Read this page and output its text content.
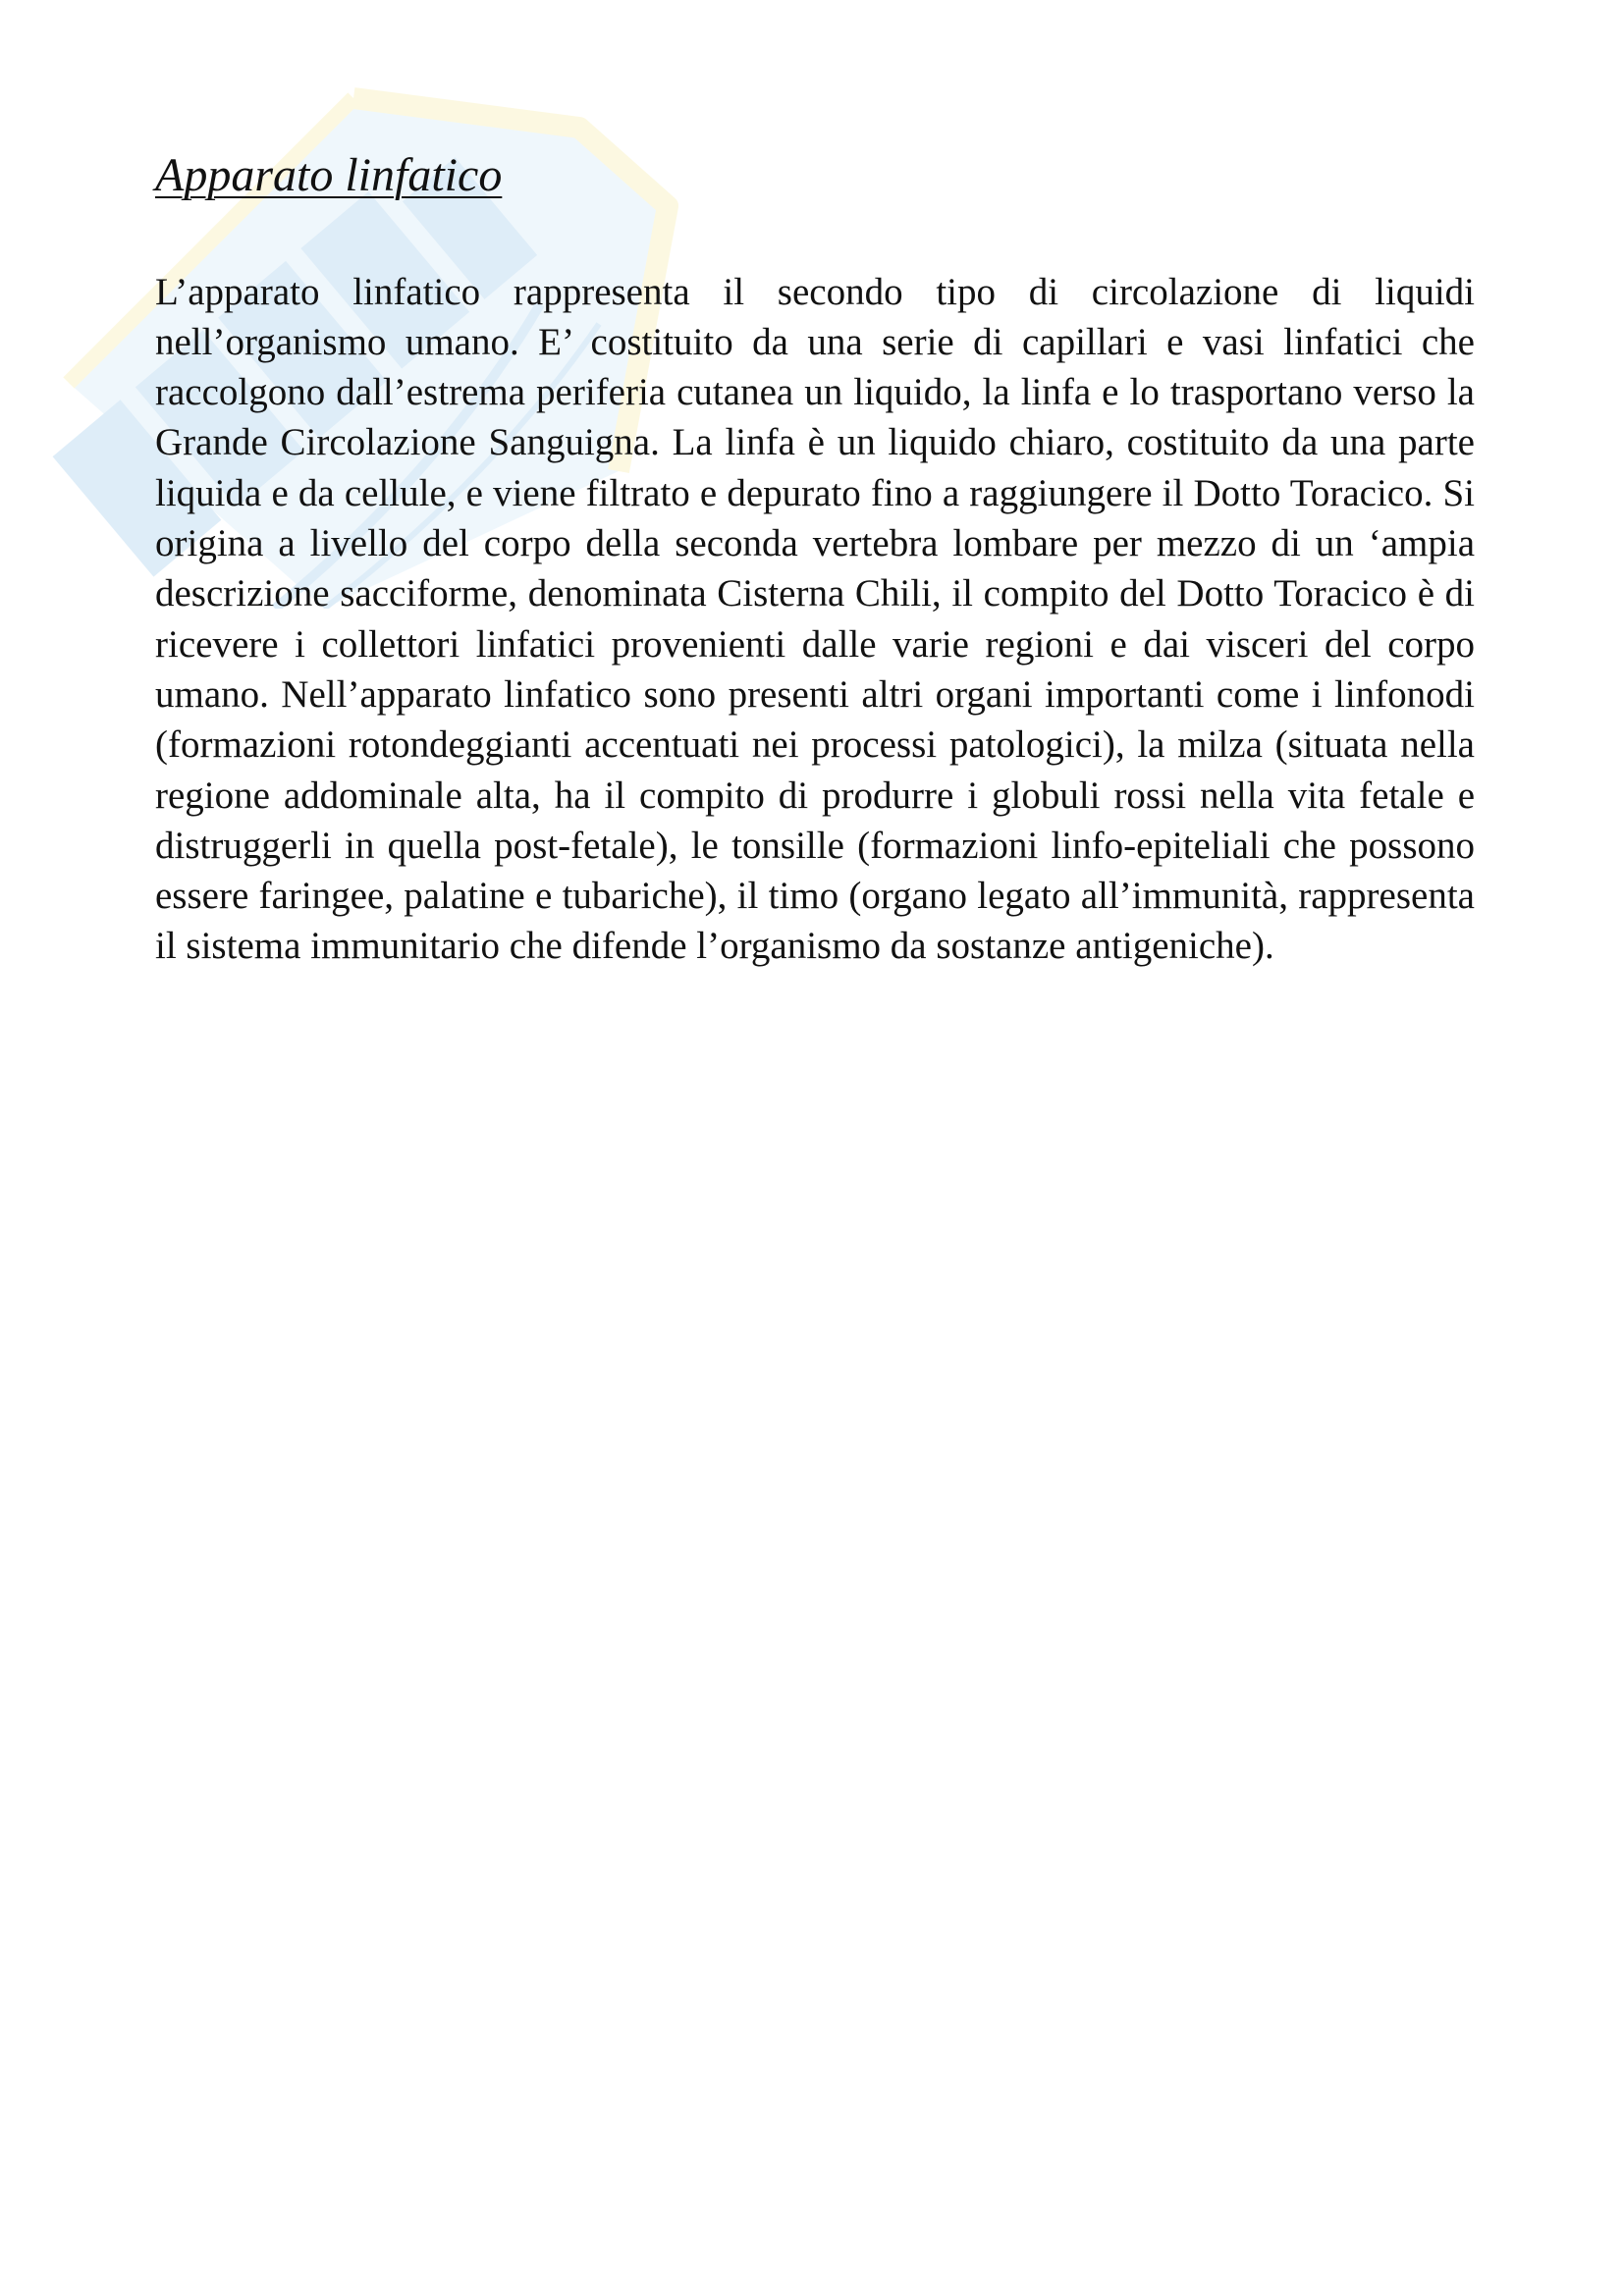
Apparato linfatico

L’apparato linfatico rappresenta il secondo tipo di circolazione di liquidi nell’organismo umano. E’ costituito da una serie di capillari e vasi linfatici che raccolgono dall’estrema periferia cutanea un liquido, la linfa e lo trasportano verso la Grande Circolazione Sanguigna. La linfa è un liquido chiaro, costituito da una parte liquida e da cellule, e viene filtrato e depurato fino a raggiungere il Dotto Toracico. Si origina a livello del corpo della seconda vertebra lombare per mezzo di un ‘ampia descrizione sacciforme, denominata Cisterna Chili, il compito del Dotto Toracico è di ricevere i collettori linfatici provenienti dalle varie regioni e dai visceri del corpo umano. Nell’apparato linfatico sono presenti altri organi importanti come i linfonodi (formazioni rotondeggianti accentuati nei processi patologici), la milza (situata nella regione addominale alta, ha il compito di produrre i globuli rossi nella vita fetale e distruggerli in quella post-fetale), le tonsille (formazioni linfo-epiteliali che possono essere faringee, palatine e tubariche), il timo (organo legato all’immunità, rappresenta il sistema immunitario che difende l’organismo da sostanze antigeniche).
